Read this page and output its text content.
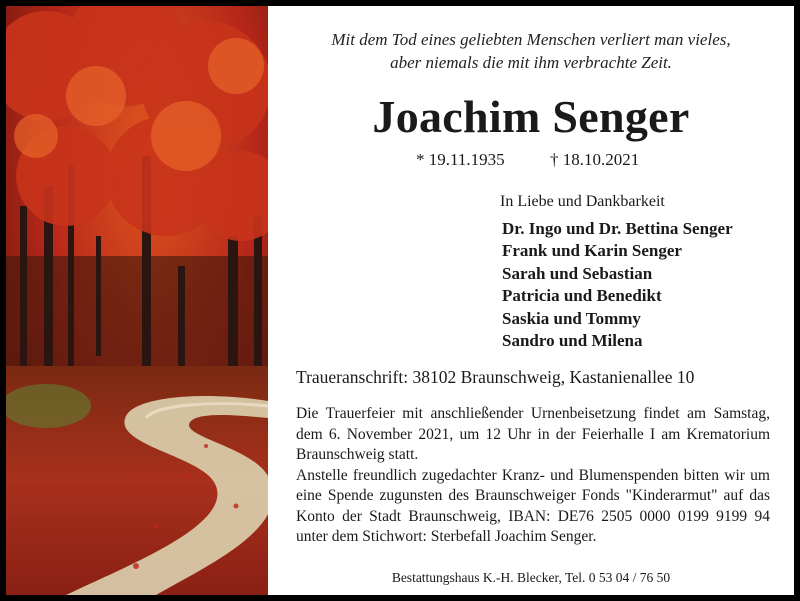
Mit dem Tod eines geliebten Menschen verliert man vieles,
aber niemals die mit ihm verbrachte Zeit.
Joachim Senger
* 19.11.1935	† 18.10.2021
In Liebe und Dankbarkeit
Dr. Ingo und Dr. Bettina Senger
Frank und Karin Senger
Sarah und Sebastian
Patricia und Benedikt
Saskia und Tommy
Sandro und Milena
Traueranschrift: 38102 Braunschweig, Kastanienallee 10

Die Trauerfeier mit anschließender Urnenbeisetzung findet am Samstag, dem 6. November 2021, um 12 Uhr in der Feierhalle I am Krematorium Braunschweig statt.

Anstelle freundlich zugedachter Kranz- und Blumenspenden bitten wir um eine Spende zugunsten des Braunschweiger Fonds "Kinderarmut" auf das Konto der Stadt Braunschweig, IBAN: DE76 2505 0000 0199 9199 94 unter dem Stichwort: Sterbefall Joachim Senger.

Bestattungshaus K.-H. Blecker, Tel. 0 53 04 / 76 50
